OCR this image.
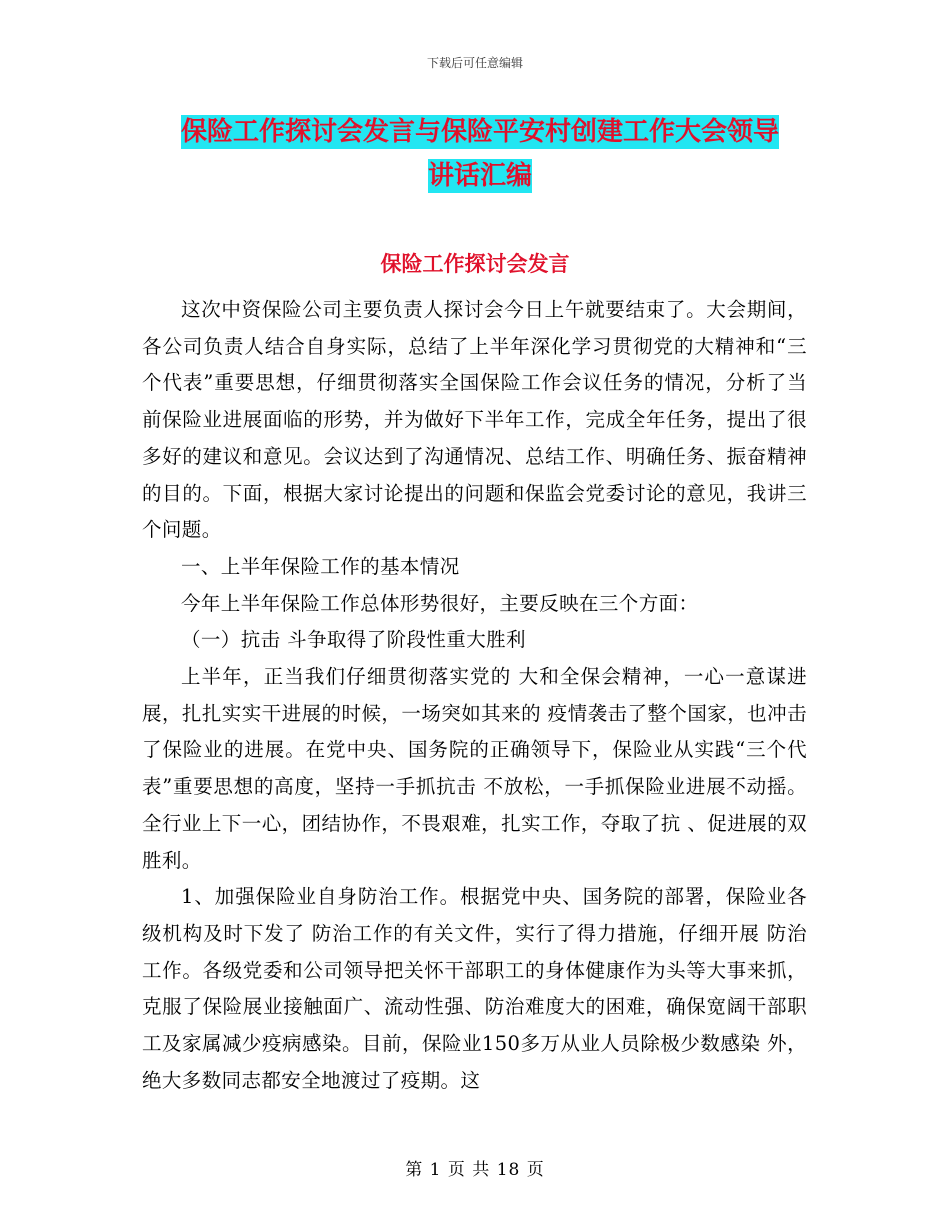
下载后可任意编辑
保险工作探讨会发言与保险平安村创建工作大会领导
讲话汇编
保险工作探讨会发言

这次中资保险公司主要负责人探讨会今日上午就要结束了。大会期间，各公司负责人结合自身实际，总结了上半年深化学习贯彻党的大精神和“三个代表”重要思想，仔细贯彻落实全国保险工作会议任务的情况，分析了当前保险业进展面临的形势，并为做好下半年工作，完成全年任务，提出了很多好的建议和意见。会议达到了沟通情况、总结工作、明确任务、振奋精神的目的。下面，根据大家讨论提出的问题和保监会党委讨论的意见，我讲三个问题。

一、上半年保险工作的基本情况

今年上半年保险工作总体形势很好，主要反映在三个方面：

（一）抗击 斗争取得了阶段性重大胜利

上半年，正当我们仔细贯彻落实党的 大和全保会精神，一心一意谋进展，扎扎实实干进展的时候，一场突如其来的 疫情袭击了整个国家，也冲击了保险业的进展。在党中央、国务院的正确领导下，保险业从实践“三个代表”重要思想的高度，坚持一手抓抗击 不放松，一手抓保险业进展不动摇。全行业上下一心，团结协作，不畏艰难，扎实工作，夺取了抗 、促进展的双胜利。

1、加强保险业自身防治工作。根据党中央、国务院的部署，保险业各级机构及时下发了 防治工作的有关文件，实行了得力措施，仔细开展 防治工作。各级党委和公司领导把关怀干部职工的身体健康作为头等大事来抓，克服了保险展业接触面广、流动性强、防治难度大的困难，确保宽阔干部职工及家属减少疫病感染。目前，保险业150多万从业人员除极少数感染 外，绝大多数同志都安全地渡过了疫期。这

第 1 页 共 18 页
